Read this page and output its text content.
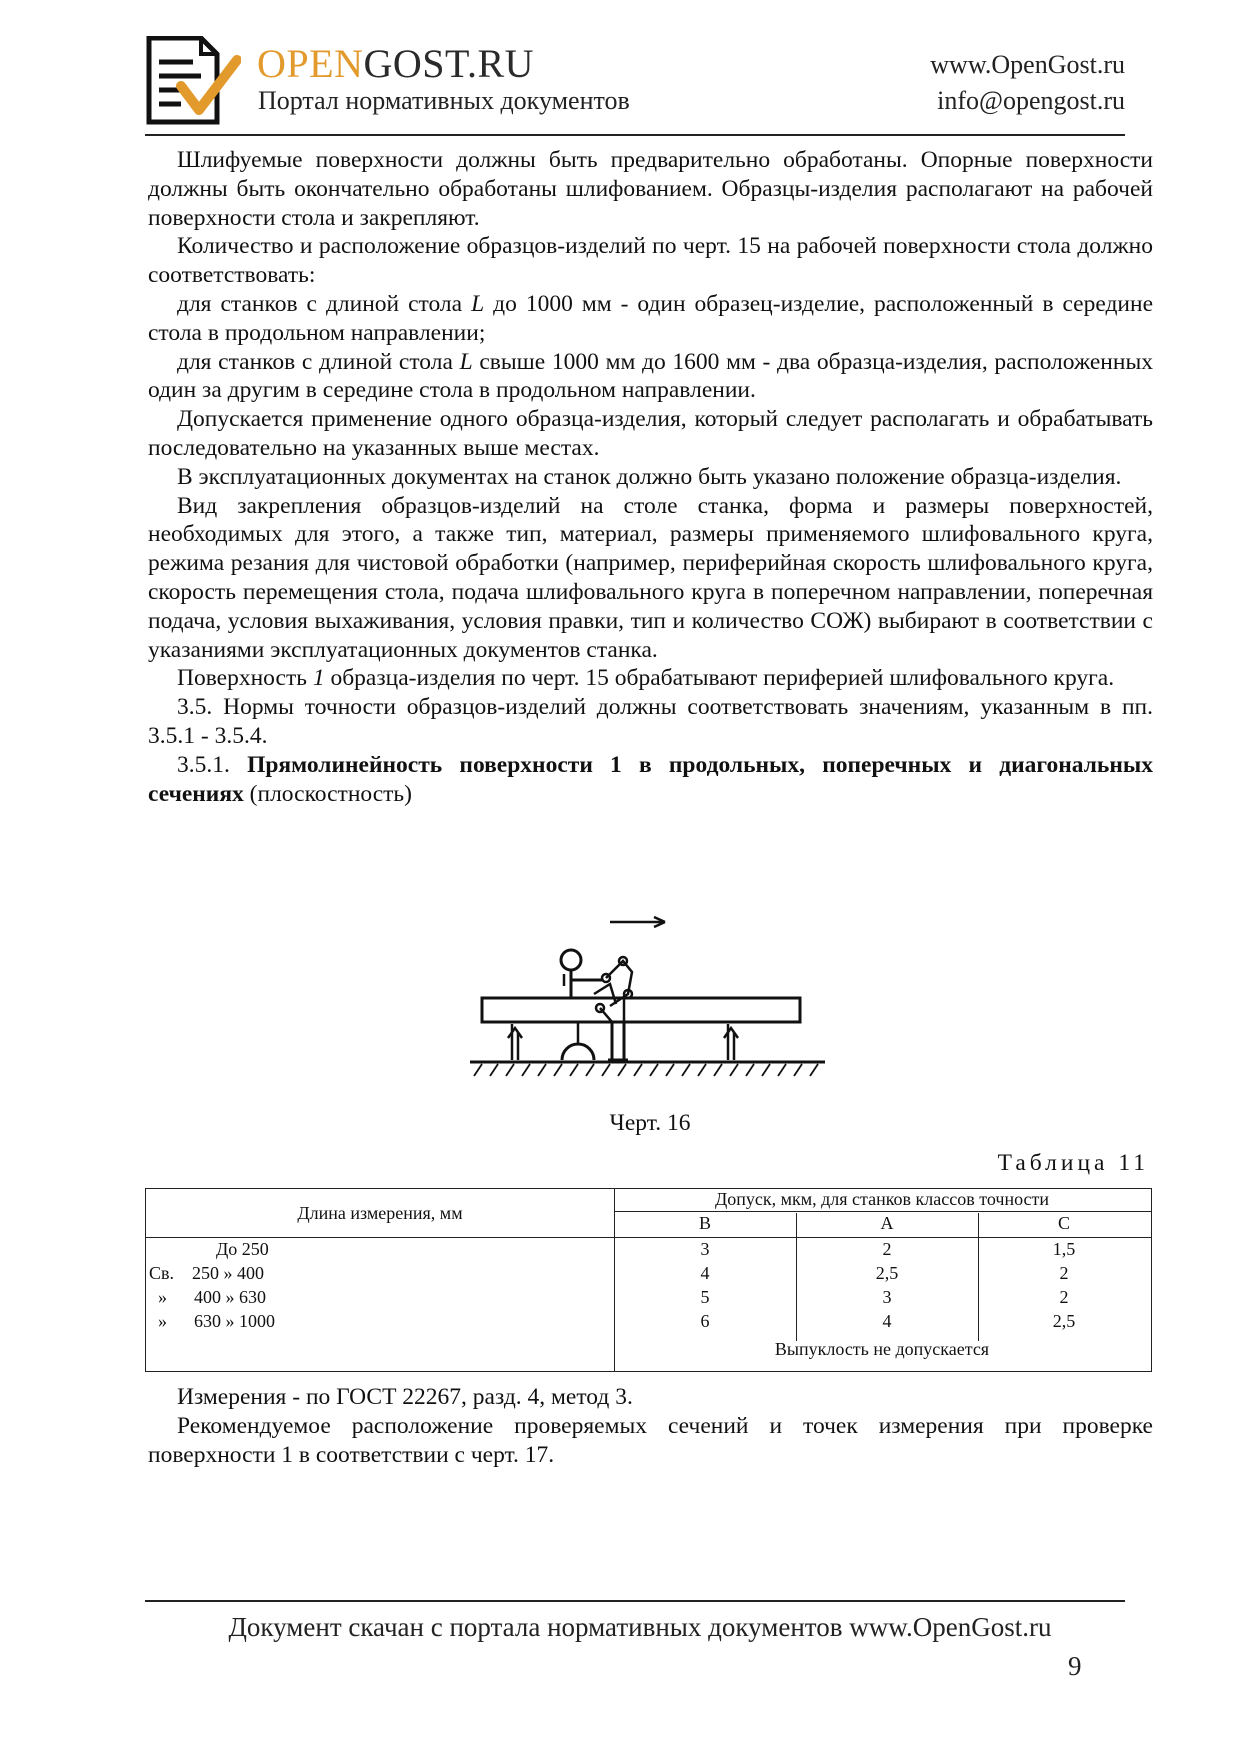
OPENGOST.RU
Портал нормативных документов
www.OpenGost.ru
info@opengost.ru

Шлифуемые поверхности должны быть предварительно обработаны. Опорные поверхности должны быть окончательно обработаны шлифованием. Образцы-изделия располагают на рабочей поверхности стола и закрепляют.

Количество и расположение образцов-изделий по черт. 15 на рабочей поверхности стола должно соответствовать:

для станков с длиной стола L до 1000 мм - один образец-изделие, расположенный в середине стола в продольном направлении;

для станков с длиной стола L свыше 1000 мм до 1600 мм - два образца-изделия, расположенных один за другим в середине стола в продольном направлении.

Допускается применение одного образца-изделия, который следует располагать и обрабатывать последовательно на указанных выше местах.

В эксплуатационных документах на станок должно быть указано положение образца-изделия.

Вид закрепления образцов-изделий на столе станка, форма и размеры поверхностей, необходимых для этого, а также тип, материал, размеры применяемого шлифовального круга, режима резания для чистовой обработки (например, периферийная скорость шлифовального круга, скорость перемещения стола, подача шлифовального круга в поперечном направлении, поперечная подача, условия выхаживания, условия правки, тип и количество СОЖ) выбирают в соответствии с указаниями эксплуатационных документов станка.

Поверхность 1 образца-изделия по черт. 15 обрабатывают периферией шлифовального круга.

3.5. Нормы точности образцов-изделий должны соответствовать значениям, указанным в пп. 3.5.1 - 3.5.4.

3.5.1. Прямолинейность поверхности 1 в продольных, поперечных и диагональных сечениях (плоскостность)

Черт. 16
Таблица 11
Длина измерения, мм
Допуск, мкм, для станков классов точности
В	А	С
До 250	3	2	1,5
Св. 250 » 400	4	2,5	2
» 400 » 630	5	3	2
» 630 » 1000	6	4	2,5
Выпуклость не допускается

Измерения - по ГОСТ 22267, разд. 4, метод 3.

Рекомендуемое расположение проверяемых сечений и точек измерения при проверке поверхности 1 в соответствии с черт. 17.

Документ скачан с портала нормативных документов www.OpenGost.ru
9
